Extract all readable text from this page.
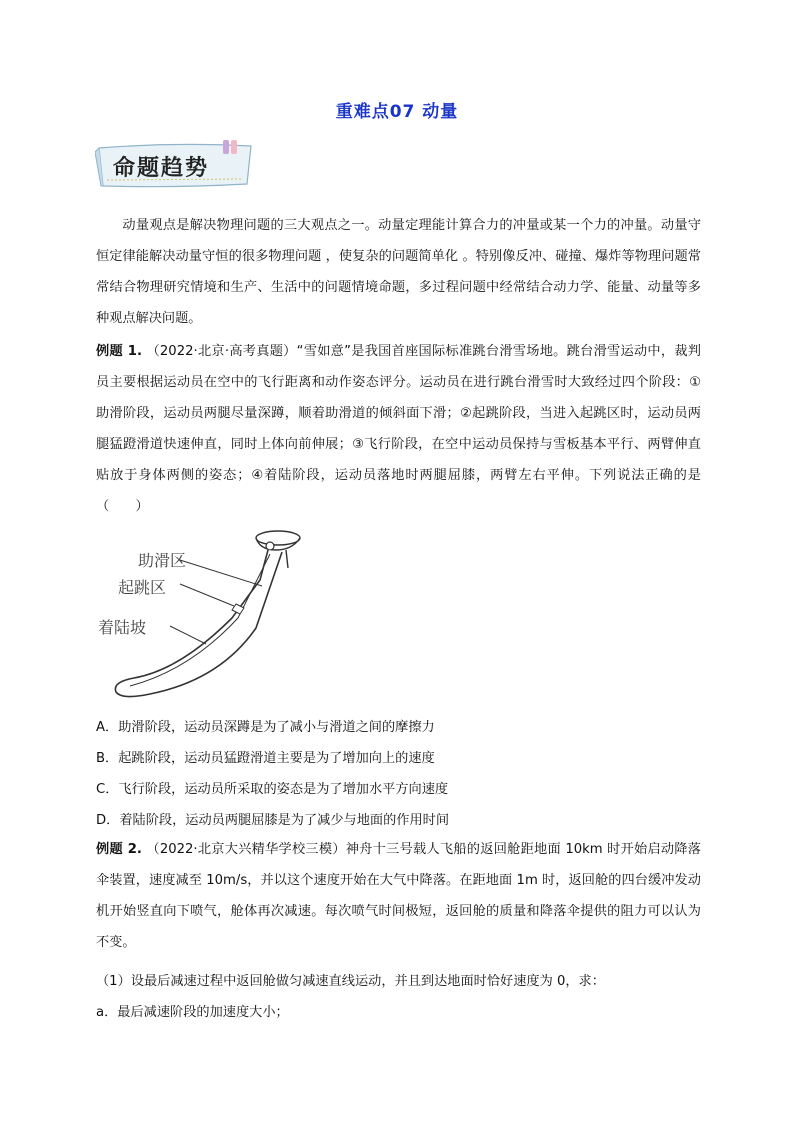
重难点07 动量
命题趋势
动量观点是解决物理问题的三大观点之一。动量定理能计算合力的冲量或某一个力的冲量。动量守恒定律能解决动量守恒的很多物理问题 ，使复杂的问题简单化 。特别像反冲、碰撞、爆炸等物理问题常常结合物理研究情境和生产、生活中的问题情境命题，多过程问题中经常结合动力学、能量、动量等多种观点解决问题。
例题 1. （2022·北京·高考真题）“雪如意”是我国首座国际标准跳台滑雪场地。跳台滑雪运动中，裁判员主要根据运动员在空中的飞行距离和动作姿态评分。运动员在进行跳台滑雪时大致经过四个阶段：①助滑阶段，运动员两腿尽量深蹲，顺着助滑道的倾斜面下滑；②起跳阶段，当进入起跳区时，运动员两腿猛蹬滑道快速伸直，同时上体向前伸展；③飞行阶段，在空中运动员保持与雪板基本平行、两臂伸直贴放于身体两侧的姿态；④着陆阶段，运动员落地时两腿屈膝，两臂左右平伸。下列说法正确的是（　　）
助滑区
起跳区
着陆坡
A．助滑阶段，运动员深蹲是为了减小与滑道之间的摩擦力
B．起跳阶段，运动员猛蹬滑道主要是为了增加向上的速度
C．飞行阶段，运动员所采取的姿态是为了增加水平方向速度
D．着陆阶段，运动员两腿屈膝是为了减少与地面的作用时间
例题 2. （2022·北京大兴精华学校三模）神舟十三号载人飞船的返回舱距地面 10km 时开始启动降落伞装置，速度减至 10m/s，并以这个速度开始在大气中降落。在距地面 1m 时，返回舱的四台缓冲发动机开始竖直向下喷气，舱体再次减速。每次喷气时间极短，返回舱的质量和降落伞提供的阻力可以认为不变。
（1）设最后减速过程中返回舱做匀减速直线运动，并且到达地面时恰好速度为 0，求：
a．最后减速阶段的加速度大小；
